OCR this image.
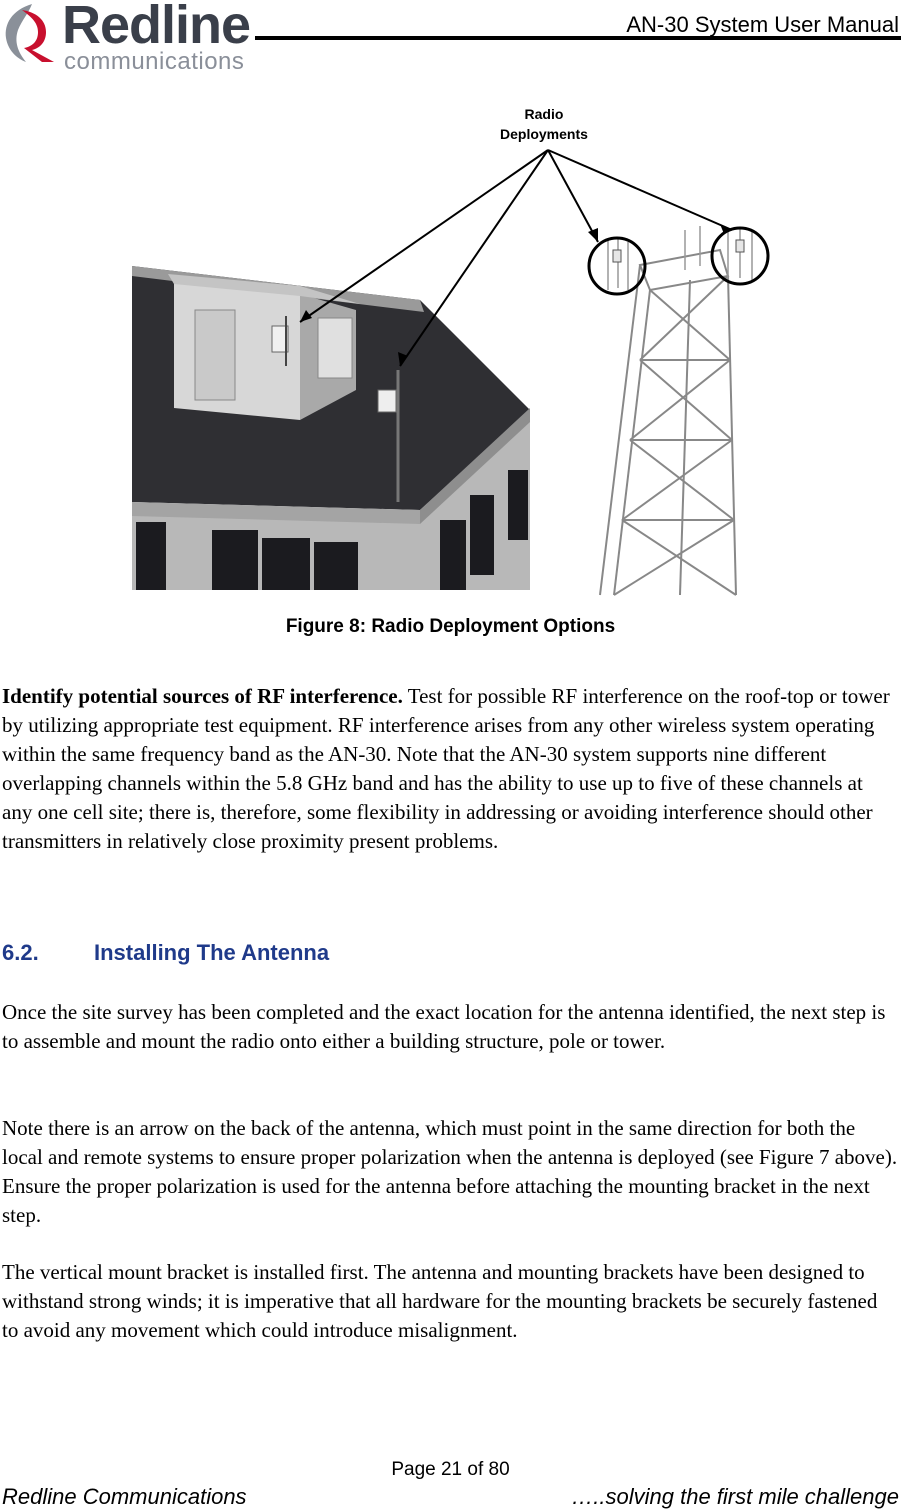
Redline
communications
AN-30 System User Manual
Radio
Deployments
Figure 8: Radio Deployment Options
Identify potential sources of RF interference. Test for possible RF interference on the roof-top or tower by utilizing appropriate test equipment. RF interference arises from any other wireless system operating within the same frequency band as the AN-30. Note that the AN-30 system supports nine different overlapping channels within the 5.8 GHz band and has the ability to use up to five of these channels at any one cell site; there is, therefore, some flexibility in addressing or avoiding interference should other transmitters in relatively close proximity present problems.
6.2.	Installing The Antenna
Once the site survey has been completed and the exact location for the antenna identified, the next step is to assemble and mount the radio onto either a building structure, pole or tower.
Note there is an arrow on the back of the antenna, which must point in the same direction for both the local and remote systems to ensure proper polarization when the antenna is deployed (see Figure 7 above). Ensure the proper polarization is used for the antenna before attaching the mounting bracket in the next step.
The vertical mount bracket is installed first. The antenna and mounting brackets have been designed to withstand strong winds; it is imperative that all hardware for the mounting brackets be securely fastened to avoid any movement which could introduce misalignment.
Page 21 of 80
Redline Communications	…..solving the first mile challenge
